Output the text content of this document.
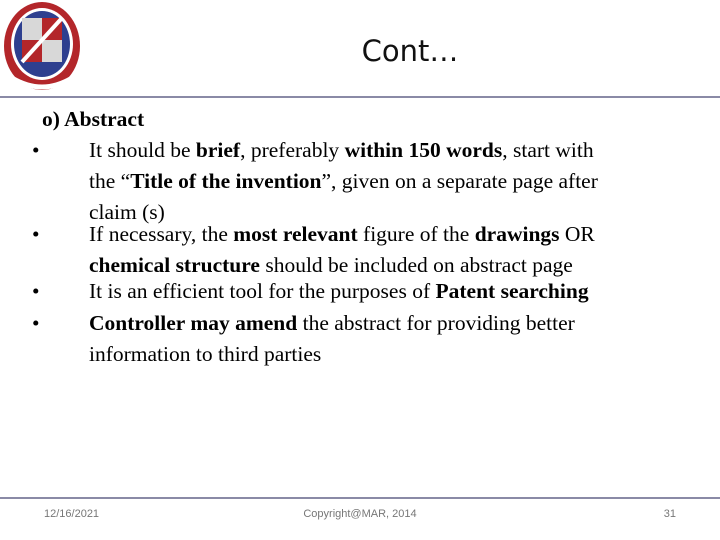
Cont…
o) Abstract
• It should be brief, preferably within 150 words, start with
the “Title of the invention”, given on a separate page after
claim (s)
• If necessary, the most relevant figure of the drawings OR
chemical structure should be included on abstract page
• It is an efficient tool for the purposes of Patent searching
• Controller may amend the abstract for providing better
information to third parties
12/16/2021	Copyright@MAR, 2014	31
